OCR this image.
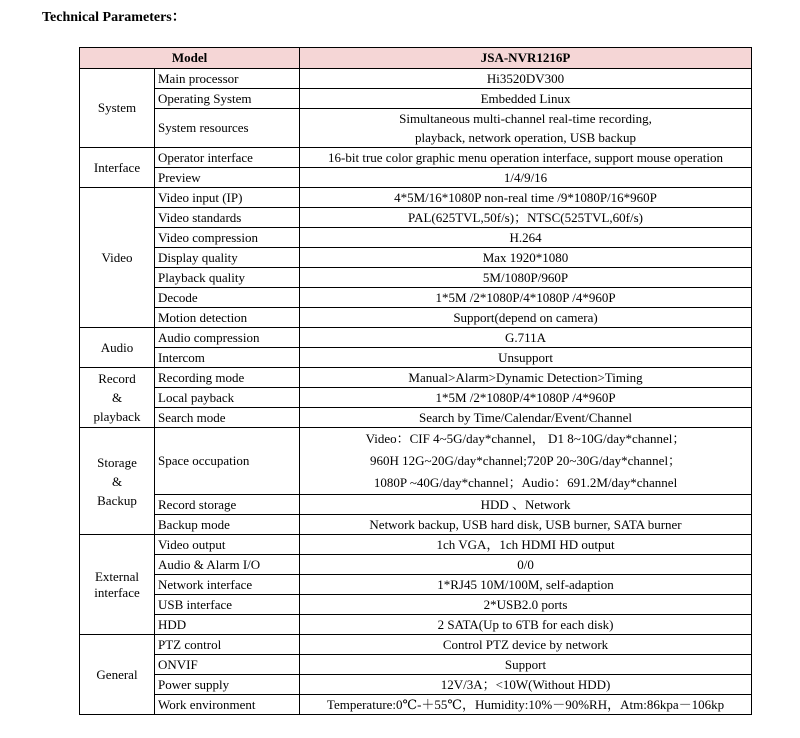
Technical Parameters：
Model		JSA-NVR1216P
System	Main processor	Hi3520DV300

	Operating System	Embedded Linux

	System resources	Simultaneous multi-channel real-time recording,
playback, network operation, USB backup

Interface	Operator interface	16-bit true color graphic menu operation interface, support mouse operation

	Preview	1/4/9/16

Video	Video input (IP)	4*5M/16*1080P non-real time /9*1080P/16*960P

	Video standards	PAL(625TVL,50f/s)；NTSC(525TVL,60f/s)

	Video compression	H.264

	Display quality	Max 1920*1080

	Playback quality	5M/1080P/960P

	Decode	1*5M /2*1080P/4*1080P /4*960P

	Motion detection	Support(depend on camera)

Audio	Audio compression	G.711A

	Intercom	Unsupport

Record
&
playback	Recording mode	Manual>Alarm>Dynamic Detection>Timing

	Local payback	1*5M /2*1080P/4*1080P /4*960P

	Search mode	Search by Time/Calendar/Event/Channel

Storage
&
Backup	Space occupation	Video：CIF 4~5G/day*channel， D1 8~10G/day*channel；
960H 12G~20G/day*channel;720P 20~30G/day*channel；
1080P ~40G/day*channel；Audio：691.2M/day*channel

	Record storage	HDD 、Network

	Backup mode	Network backup, USB hard disk, USB burner, SATA burner

External
interface	Video output	1ch VGA，1ch HDMI HD output

	Audio & Alarm I/O	0/0

	Network interface	1*RJ45 10M/100M, self-adaption

	USB interface	2*USB2.0 ports

	HDD	2 SATA(Up to 6TB for each disk)

General	PTZ control	Control PTZ device by network

	ONVIF	Support

	Power supply	12V/3A；<10W(Without HDD)

	Work environment	Temperature:0℃-＋55℃，Humidity:10%－90%RH，Atm:86kpa－106kp
